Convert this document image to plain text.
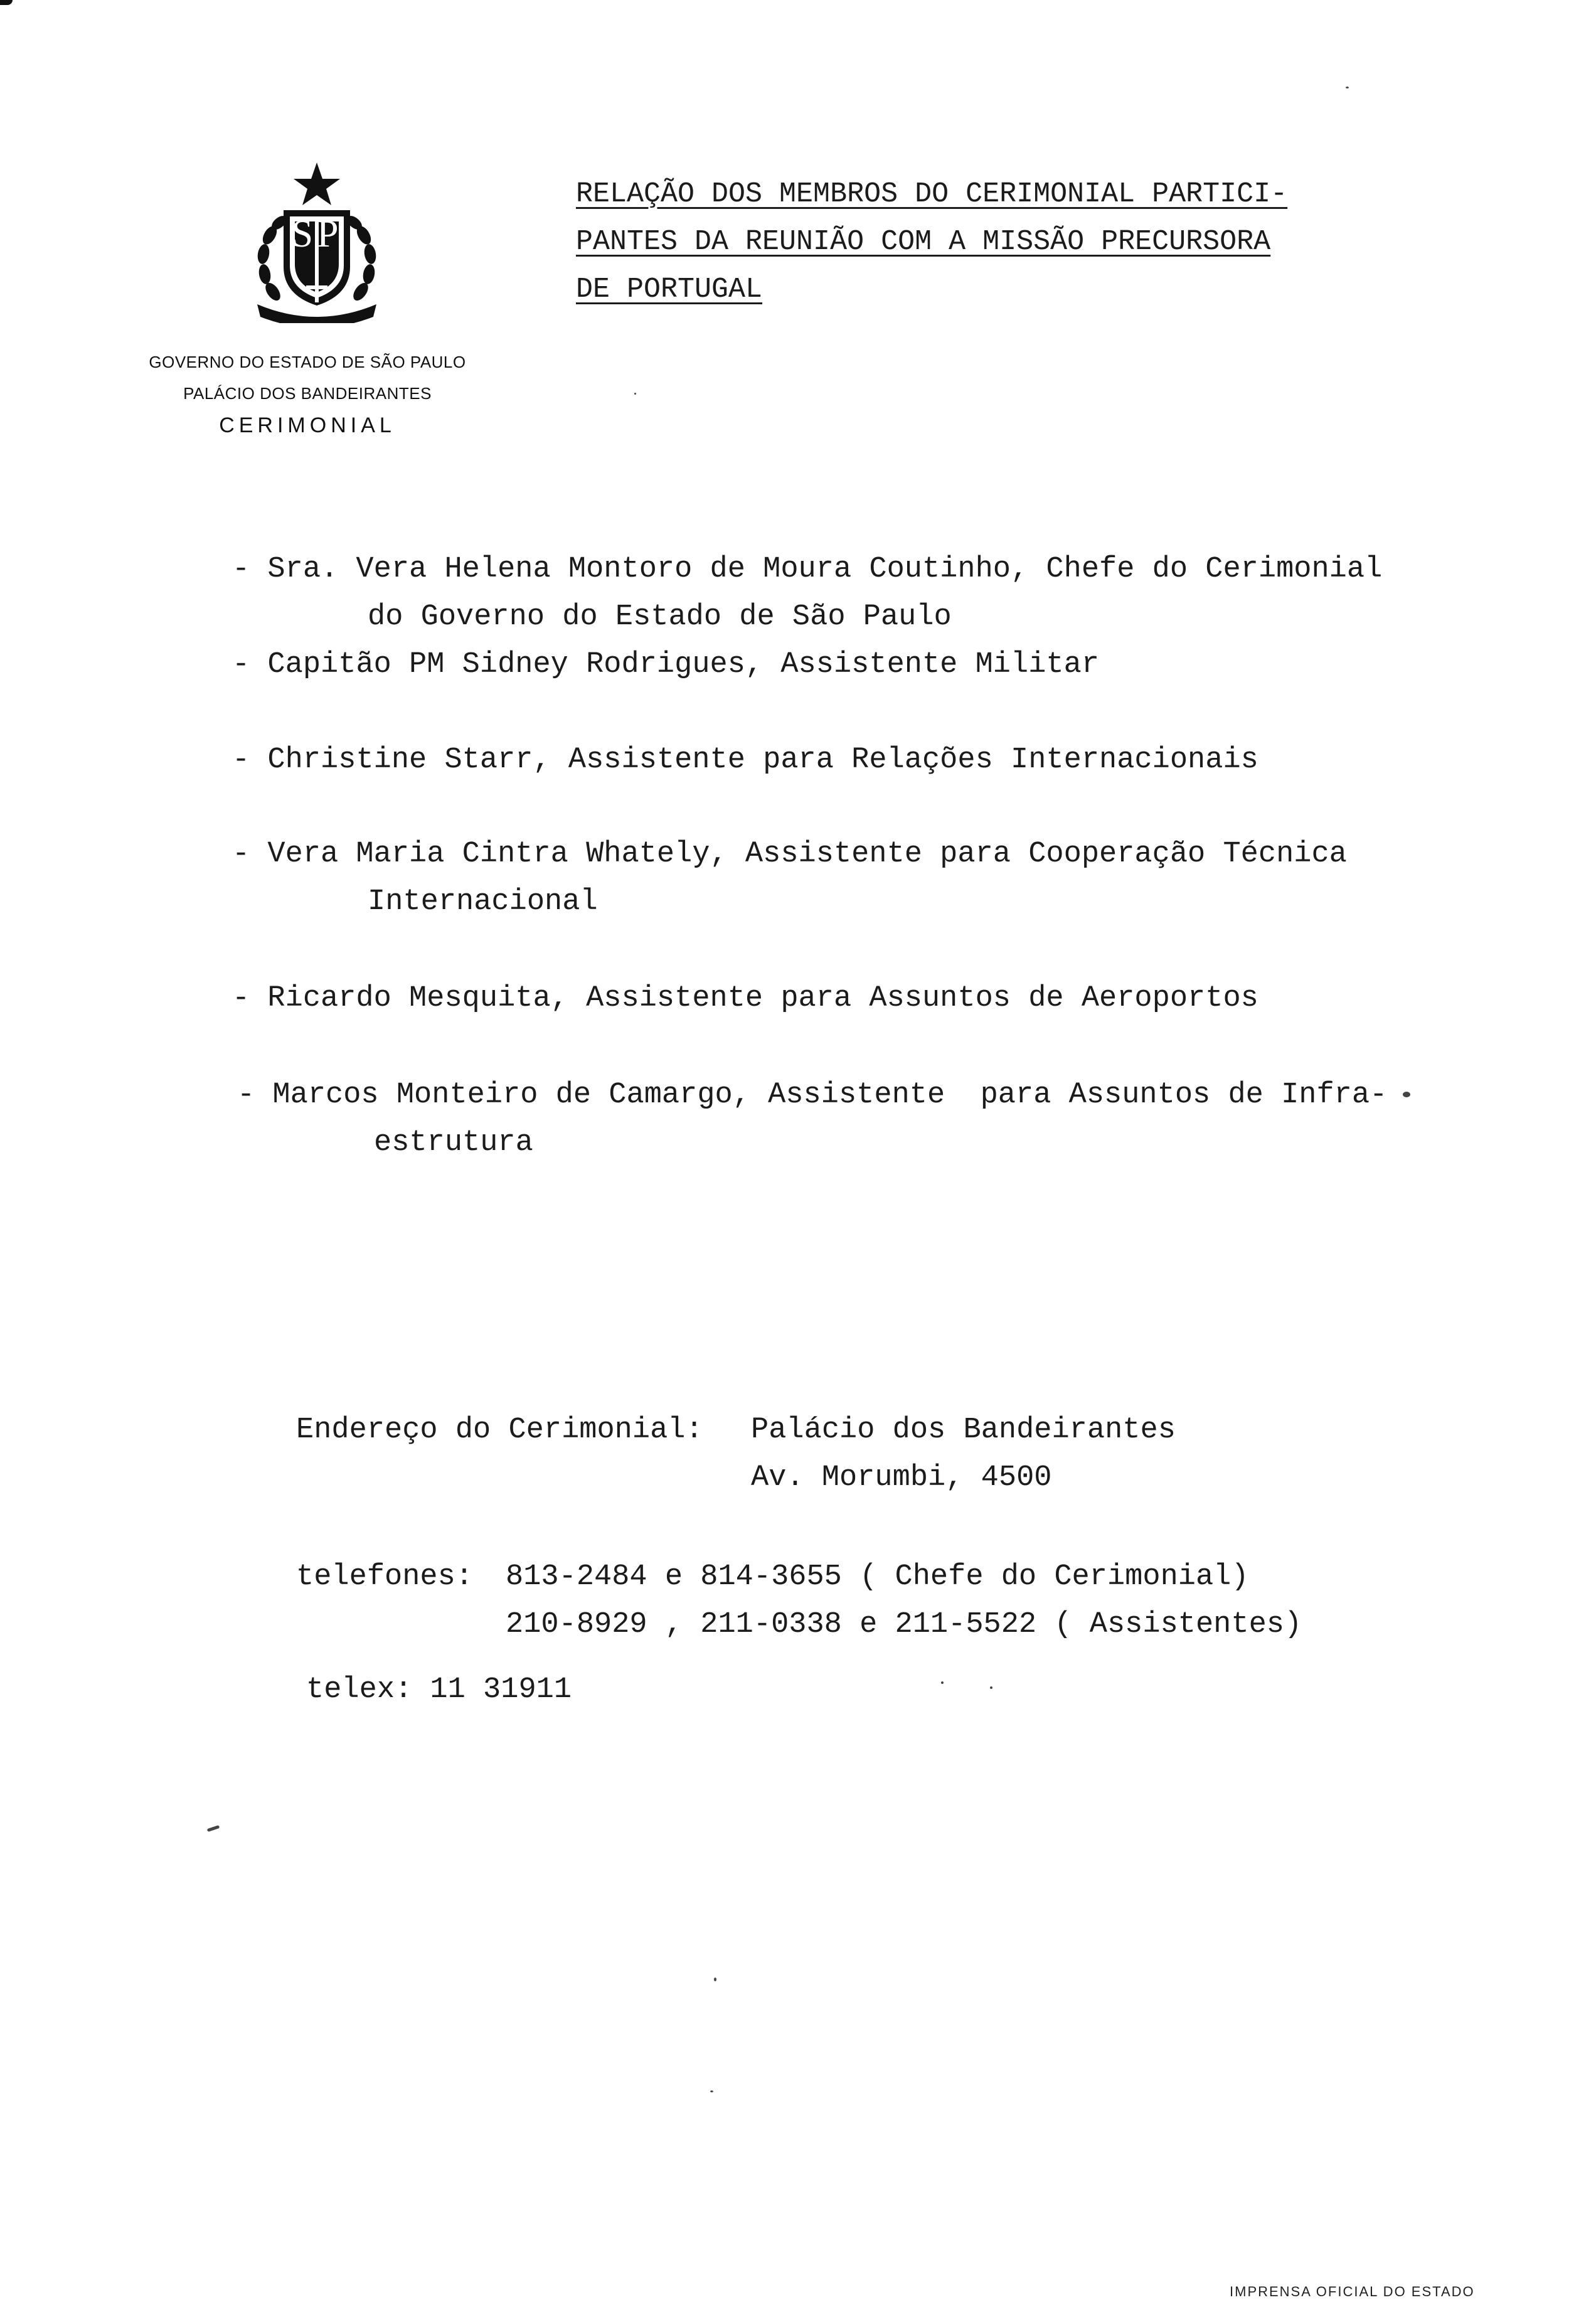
SP
GOVERNO DO ESTADO DE SÃO PAULO
PALÁCIO DOS BANDEIRANTES
CERIMONIAL
RELAÇÃO DOS MEMBROS DO CERIMONIAL PARTICI-
PANTES DA REUNIÃO COM A MISSÃO PRECURSORA
DE PORTUGAL
- Sra. Vera Helena Montoro de Moura Coutinho, Chefe do Cerimonial
do Governo do Estado de São Paulo
- Capitão PM Sidney Rodrigues, Assistente Militar
- Christine Starr, Assistente para Relações Internacionais
- Vera Maria Cintra Whately, Assistente para Cooperação Técnica
Internacional
- Ricardo Mesquita, Assistente para Assuntos de Aeroportos
- Marcos Monteiro de Camargo, Assistente  para Assuntos de Infra-
estrutura
Endereço do Cerimonial: Palácio dos Bandeirantes
Av. Morumbi, 4500
telefones: 813-2484 e 814-3655 ( Chefe do Cerimonial)
210-8929 , 211-0338 e 211-5522 ( Assistentes)
telex: 11 31911
IMPRENSA OFICIAL DO ESTADO
